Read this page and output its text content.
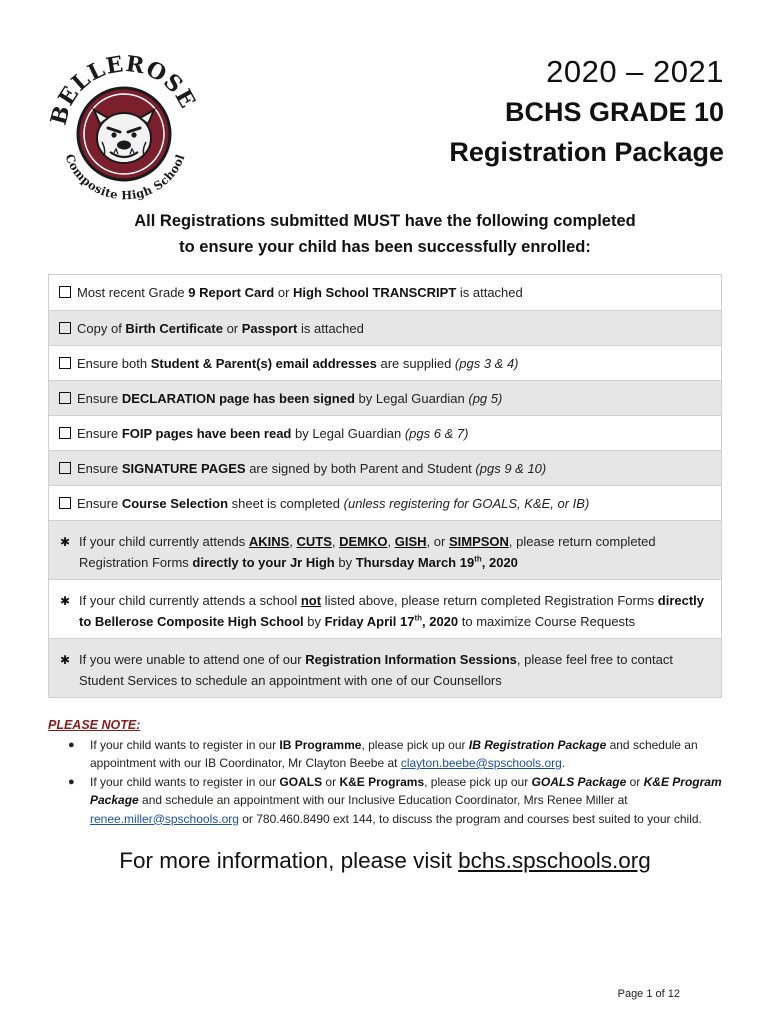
BELLEROSE
Composite High School
2020 – 2021
BCHS GRADE 10
Registration Package
All Registrations submitted MUST have the following completed
to ensure your child has been successfully enrolled:
Most recent Grade 9 Report Card or High School TRANSCRIPT is attached
Copy of Birth Certificate or Passport is attached
Ensure both Student & Parent(s) email addresses are supplied (pgs 3 & 4)
Ensure DECLARATION page has been signed by Legal Guardian (pg 5)
Ensure FOIP pages have been read by Legal Guardian (pgs 6 & 7)
Ensure SIGNATURE PAGES are signed by both Parent and Student (pgs 9 & 10)
Ensure Course Selection sheet is completed (unless registering for GOALS, K&E, or IB)
✱ If your child currently attends AKINS, CUTS, DEMKO, GISH, or SIMPSON, please return completed Registration Forms directly to your Jr High by Thursday March 19th, 2020
✱ If your child currently attends a school not listed above, please return completed Registration Forms directly to Bellerose Composite High School by Friday April 17th, 2020 to maximize Course Requests
✱ If you were unable to attend one of our Registration Information Sessions, please feel free to contact Student Services to schedule an appointment with one of our Counsellors
PLEASE NOTE:
● If your child wants to register in our IB Programme, please pick up our IB Registration Package and schedule an appointment with our IB Coordinator, Mr Clayton Beebe at clayton.beebe@spschools.org.
● If your child wants to register in our GOALS or K&E Programs, please pick up our GOALS Package or K&E Program Package and schedule an appointment with our Inclusive Education Coordinator, Mrs Renee Miller at renee.miller@spschools.org or 780.460.8490 ext 144, to discuss the program and courses best suited to your child.
For more information, please visit bchs.spschools.org
Page 1 of 12
